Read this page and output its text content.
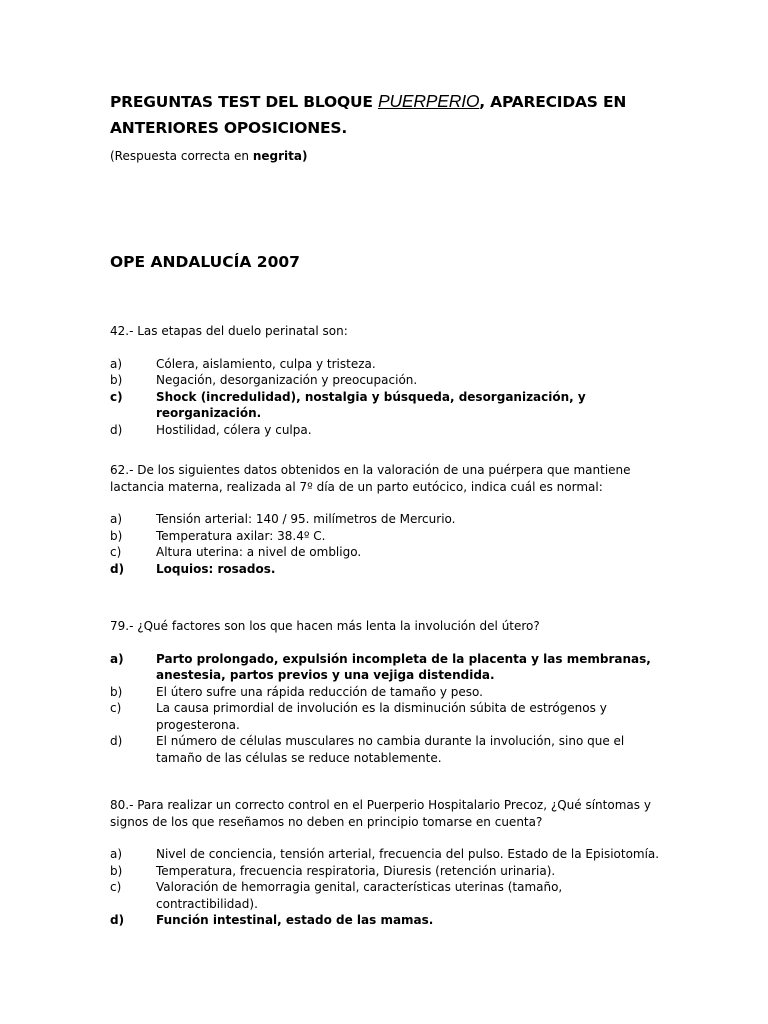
PREGUNTAS TEST DEL BLOQUE PUERPERIO, APARECIDAS EN ANTERIORES OPOSICIONES.
(Respuesta correcta en negrita)
OPE ANDALUCÍA 2007

42.- Las etapas del duelo perinatal son:

a)	Cólera, aislamiento, culpa y tristeza.
b)	Negación, desorganización y preocupación.
c)	Shock (incredulidad), nostalgia y búsqueda, desorganización, y reorganización.
d)	Hostilidad, cólera y culpa.

62.- De los siguientes datos obtenidos en la valoración de una puérpera que mantiene lactancia materna, realizada al 7º día de un parto eutócico, indica cuál es normal:

a)	Tensión arterial: 140 / 95. milímetros de Mercurio.
b)	Temperatura axilar: 38.4º C.
c)	Altura uterina: a nivel de ombligo.
d)	Loquios: rosados.

79.- ¿Qué factores son los que hacen más lenta la involución del útero?

a)	Parto prolongado, expulsión incompleta de la placenta y las membranas, anestesia, partos previos y una vejiga distendida.
b)	El útero sufre una rápida reducción de tamaño y peso.
c)	La causa primordial de involución es la disminución súbita de estrógenos y progesterona.
d)	El número de células musculares no cambia durante la involución, sino que el tamaño de las células se reduce notablemente.

80.- Para realizar un correcto control en el Puerperio Hospitalario Precoz, ¿Qué síntomas y signos de los que reseñamos no deben en principio tomarse en cuenta?

a)	Nivel de conciencia, tensión arterial, frecuencia del pulso. Estado de la Episiotomía.
b)	Temperatura, frecuencia respiratoria, Diuresis (retención urinaria).
c)	Valoración de hemorragia genital, características uterinas (tamaño, contractibilidad).
d)	Función intestinal, estado de las mamas.
